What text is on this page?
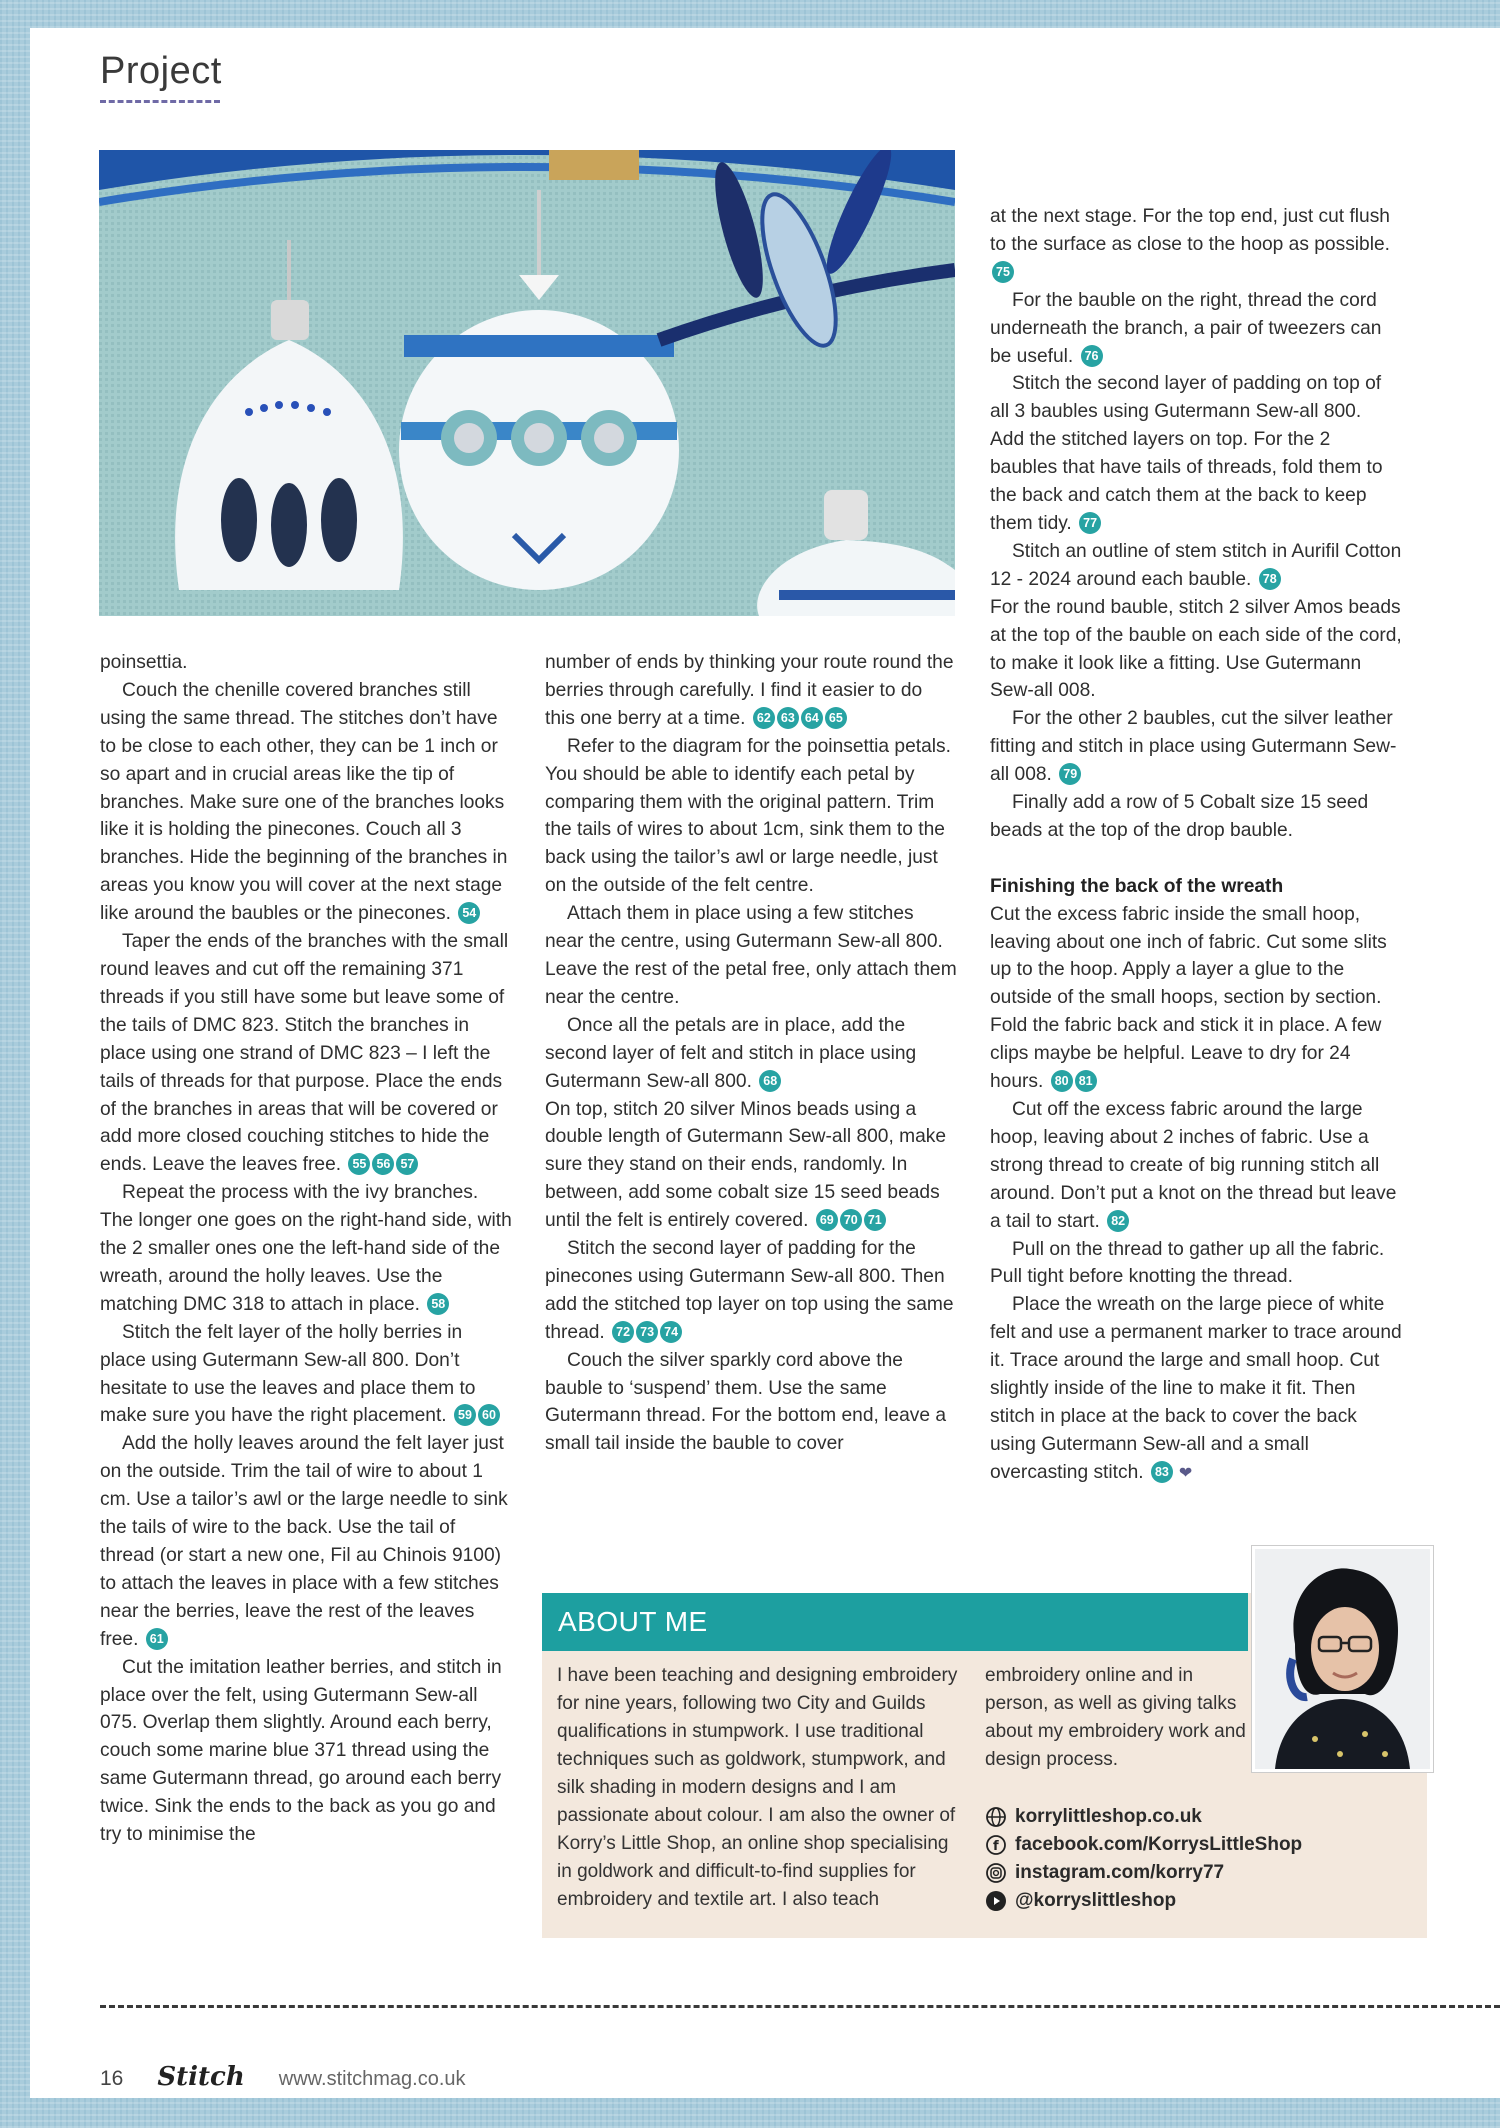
Project

poinsettia.

Couch the chenille covered branches still using the same thread. The stitches don’t have to be close to each other, they can be 1 inch or so apart and in crucial areas like the tip of branches. Make sure one of the branches looks like it is holding the pinecones. Couch all 3 branches. Hide the beginning of the branches in areas you know you will cover at the next stage like around the baubles or the pinecones. 54

Taper the ends of the branches with the small round leaves and cut off the remaining 371 threads if you still have some but leave some of the tails of DMC 823. Stitch the branches in place using one strand of DMC 823 – I left the tails of threads for that purpose. Place the ends of the branches in areas that will be covered or add more closed couching stitches to hide the ends. Leave the leaves free. 55 56 57

Repeat the process with the ivy branches. The longer one goes on the right-hand side, with the 2 smaller ones one the left-hand side of the wreath, around the holly leaves. Use the matching DMC 318 to attach in place. 58

Stitch the felt layer of the holly berries in place using Gutermann Sew-all 800. Don’t hesitate to use the leaves and place them to make sure you have the right placement. 59 60

Add the holly leaves around the felt layer just on the outside. Trim the tail of wire to about 1 cm. Use a tailor’s awl or the large needle to sink the tails of wire to the back. Use the tail of thread (or start a new one, Fil au Chinois 9100) to attach the leaves in place with a few stitches near the berries, leave the rest of the leaves free. 61

Cut the imitation leather berries, and stitch in place over the felt, using Gutermann Sew-all 075. Overlap them slightly. Around each berry, couch some marine blue 371 thread using the same Gutermann thread, go around each berry twice. Sink the ends to the back as you go and try to minimise the

number of ends by thinking your route round the berries through carefully. I find it easier to do this one berry at a time. 62 63 64 65

Refer to the diagram for the poinsettia petals. You should be able to identify each petal by comparing them with the original pattern. Trim the tails of wires to about 1cm, sink them to the back using the tailor’s awl or large needle, just on the outside of the felt centre.

Attach them in place using a few stitches near the centre, using Gutermann Sew-all 800. Leave the rest of the petal free, only attach them near the centre.

Once all the petals are in place, add the second layer of felt and stitch in place using Gutermann Sew-all 800. 68

On top, stitch 20 silver Minos beads using a double length of Gutermann Sew-all 800, make sure they stand on their ends, randomly. In between, add some cobalt size 15 seed beads until the felt is entirely covered. 69 70 71

Stitch the second layer of padding for the pinecones using Gutermann Sew-all 800. Then add the stitched top layer on top using the same thread. 72 73 74

Couch the silver sparkly cord above the bauble to ‘suspend’ them. Use the same Gutermann thread. For the bottom end, leave a small tail inside the bauble to cover

at the next stage. For the top end, just cut flush to the surface as close to the hoop as possible. 75

For the bauble on the right, thread the cord underneath the branch, a pair of tweezers can be useful. 76

Stitch the second layer of padding on top of all 3 baubles using Gutermann Sew-all 800.

Add the stitched layers on top. For the 2 baubles that have tails of threads, fold them to the back and catch them at the back to keep them tidy. 77

Stitch an outline of stem stitch in Aurifil Cotton 12 - 2024 around each bauble. 78

For the round bauble, stitch 2 silver Amos beads at the top of the bauble on each side of the cord, to make it look like a fitting. Use Gutermann Sew-all 008.

For the other 2 baubles, cut the silver leather fitting and stitch in place using Gutermann Sew-all 008. 79

Finally add a row of 5 Cobalt size 15 seed beads at the top of the drop bauble.

Finishing the back of the wreath

Cut the excess fabric inside the small hoop, leaving about one inch of fabric. Cut some slits up to the hoop. Apply a layer a glue to the outside of the small hoops, section by section. Fold the fabric back and stick it in place. A few clips maybe be helpful. Leave to dry for 24 hours. 80 81

Cut off the excess fabric around the large hoop, leaving about 2 inches of fabric. Use a strong thread to create of big running stitch all around. Don’t put a knot on the thread but leave a tail to start. 82

Pull on the thread to gather up all the fabric. Pull tight before knotting the thread.

Place the wreath on the large piece of white felt and use a permanent marker to trace around it. Trace around the large and small hoop. Cut slightly inside of the line to make it fit. Then stitch in place at the back to cover the back using Gutermann Sew-all and a small overcasting stitch. 83 ❤

ABOUT ME
I have been teaching and designing embroidery for nine years, following two City and Guilds qualifications in stumpwork. I use traditional techniques such as goldwork, stumpwork, and silk shading in modern designs and I am passionate about colour. I am also the owner of Korry’s Little Shop, an online shop specialising in goldwork and difficult-to-find supplies for embroidery and textile art. I also teach
embroidery online and in person, as well as giving talks about my embroidery work and design process.
korrylittleshop.co.uk
f facebook.com/KorrysLittleShop
instagram.com/korry77
@korryslittleshop
16 Stitch www.stitchmag.co.uk
